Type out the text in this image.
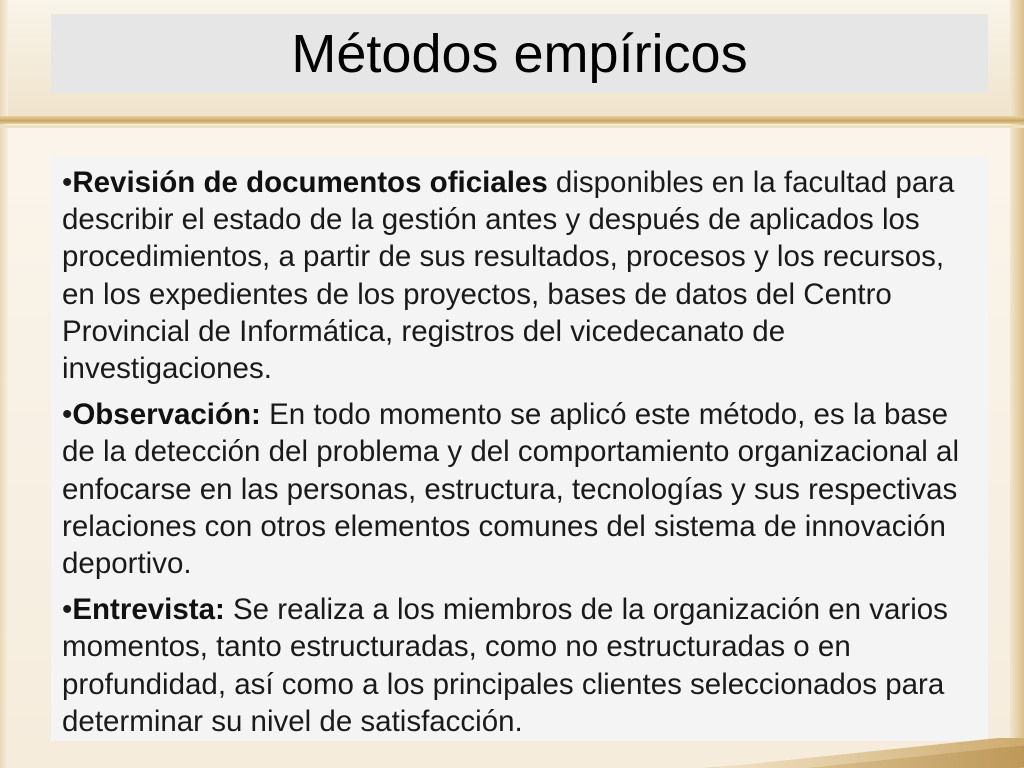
Métodos empíricos

•Revisión de documentos oficiales disponibles en la facultad para describir el estado de la gestión antes y después de aplicados los procedimientos, a partir de sus resultados, procesos y los recursos, en los expedientes de los proyectos, bases de datos del Centro Provincial de Informática, registros del vicedecanato de investigaciones.

•Observación: En todo momento se aplicó este método, es la base de la detección del problema y del comportamiento organizacional al enfocarse en las personas, estructura, tecnologías y sus respectivas relaciones con otros elementos comunes del sistema de innovación deportivo.

•Entrevista: Se realiza a los miembros de la organización en varios momentos, tanto estructuradas, como no estructuradas o en profundidad, así como a los principales clientes seleccionados para determinar su nivel de satisfacción.
